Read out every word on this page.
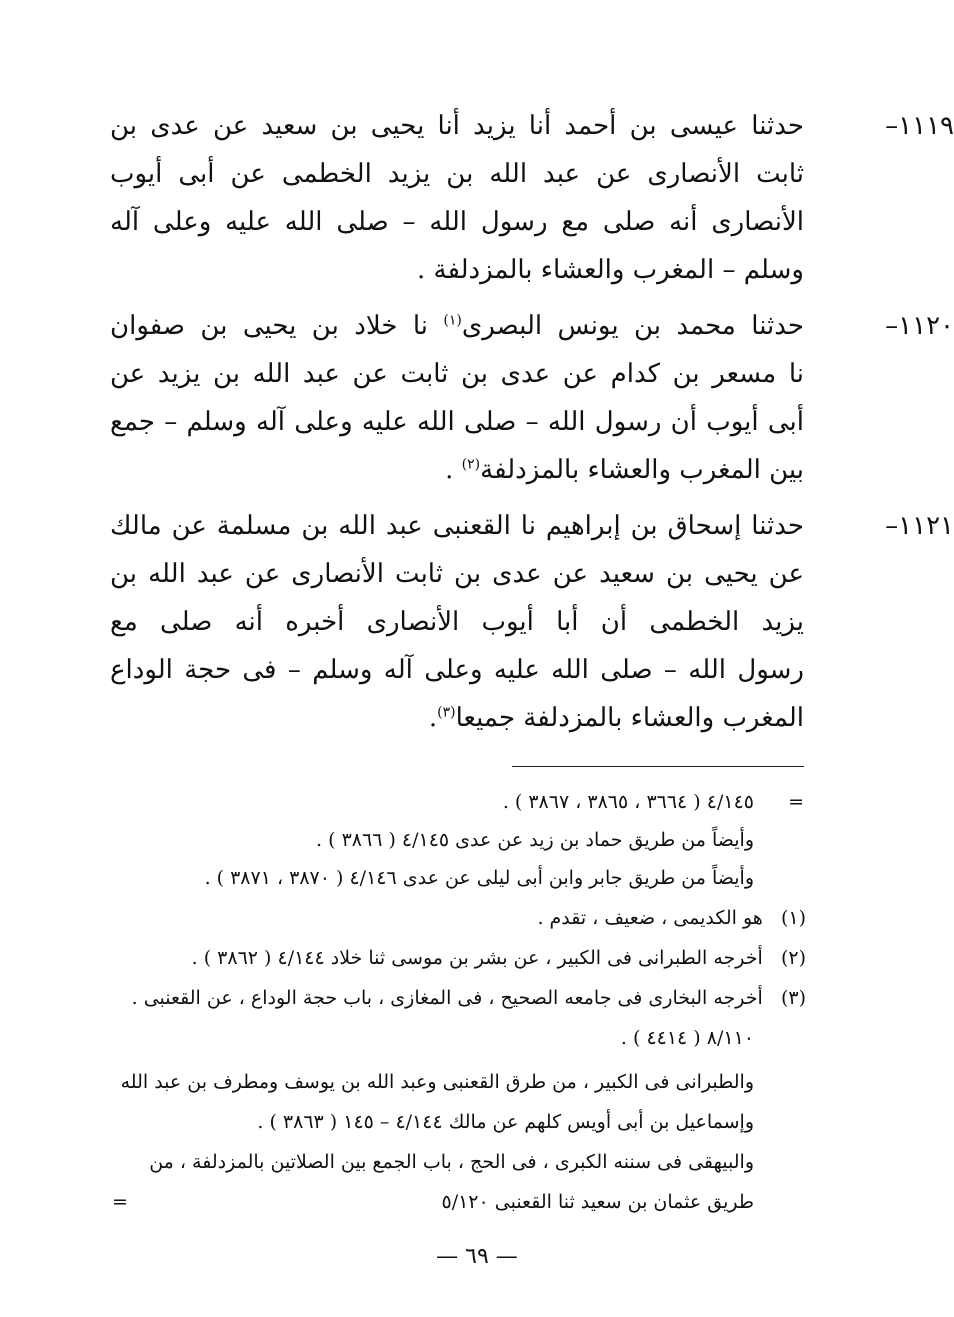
١١١٩–
حدثنا عيسى بن أحمد أنا يزيد أنا يحيى بن سعيد عن عدى بن
ثابت الأنصارى عن عبد الله بن يزيد الخطمى عن أبى أيوب
الأنصارى أنه صلى مع رسول الله – صلى الله عليه وعلى آله
وسلم – المغرب والعشاء بالمزدلفة .
١١٢٠–
حدثنا محمد بن يونس البصرى$^{(١)}$ نا خلاد بن يحيى بن صفوان
نا مسعر بن كدام عن عدى بن ثابت عن عبد الله بن يزيد عن
أبى أيوب أن رسول الله – صلى الله عليه وعلى آله وسلم – جمع
بين المغرب والعشاء بالمزدلفة$^{(٢)}$ .
١١٢١–
حدثنا إسحاق بن إبراهيم نا القعنبى عبد الله بن مسلمة عن مالك
عن يحيى بن سعيد عن عدى بن ثابت الأنصارى عن عبد الله بن
يزيد الخطمى أن أبا أيوب الأنصارى أخبره أنه صلى مع
رسول الله – صلى الله عليه وعلى آله وسلم – فى حجة الوداع
المغرب والعشاء بالمزدلفة جميعا$^{(٣)}$.
=
٤/١٤٥ ( ٣٦٦٤ ، ٣٨٦٥ ، ٣٨٦٧ ) .
وأيضاً من طريق حماد بن زيد عن عدى ٤/١٤٥ ( ٣٨٦٦ ) .
وأيضاً من طريق جابر وابن أبى ليلى عن عدى ٤/١٤٦ ( ٣٨٧٠ ، ٣٨٧١ ) .
(١)   هو الكديمى ، ضعيف ، تقدم .
(٢)   أخرجه الطبرانى فى الكبير ، عن بشر بن موسى ثنا خلاد ٤/١٤٤ ( ٣٨٦٢ ) .
(٣)   أخرجه البخارى فى جامعه الصحيح ، فى المغازى ، باب حجة الوداع ، عن القعنبى .
٨/١١٠ ( ٤٤١٤ ) .
والطبرانى فى الكبير ، من طرق القعنبى وعبد الله بن يوسف ومطرف بن عبد الله
وإسماعيل بن أبى أويس كلهم عن مالك ٤/١٤٤ – ١٤٥ ( ٣٨٦٣ ) .
والبيهقى فى سننه الكبرى ، فى الحج ، باب الجمع بين الصلاتين بالمزدلفة ، من
طريق عثمان بن سعيد ثنا القعنبى ٥/١٢٠
=
— ٦٩ —
